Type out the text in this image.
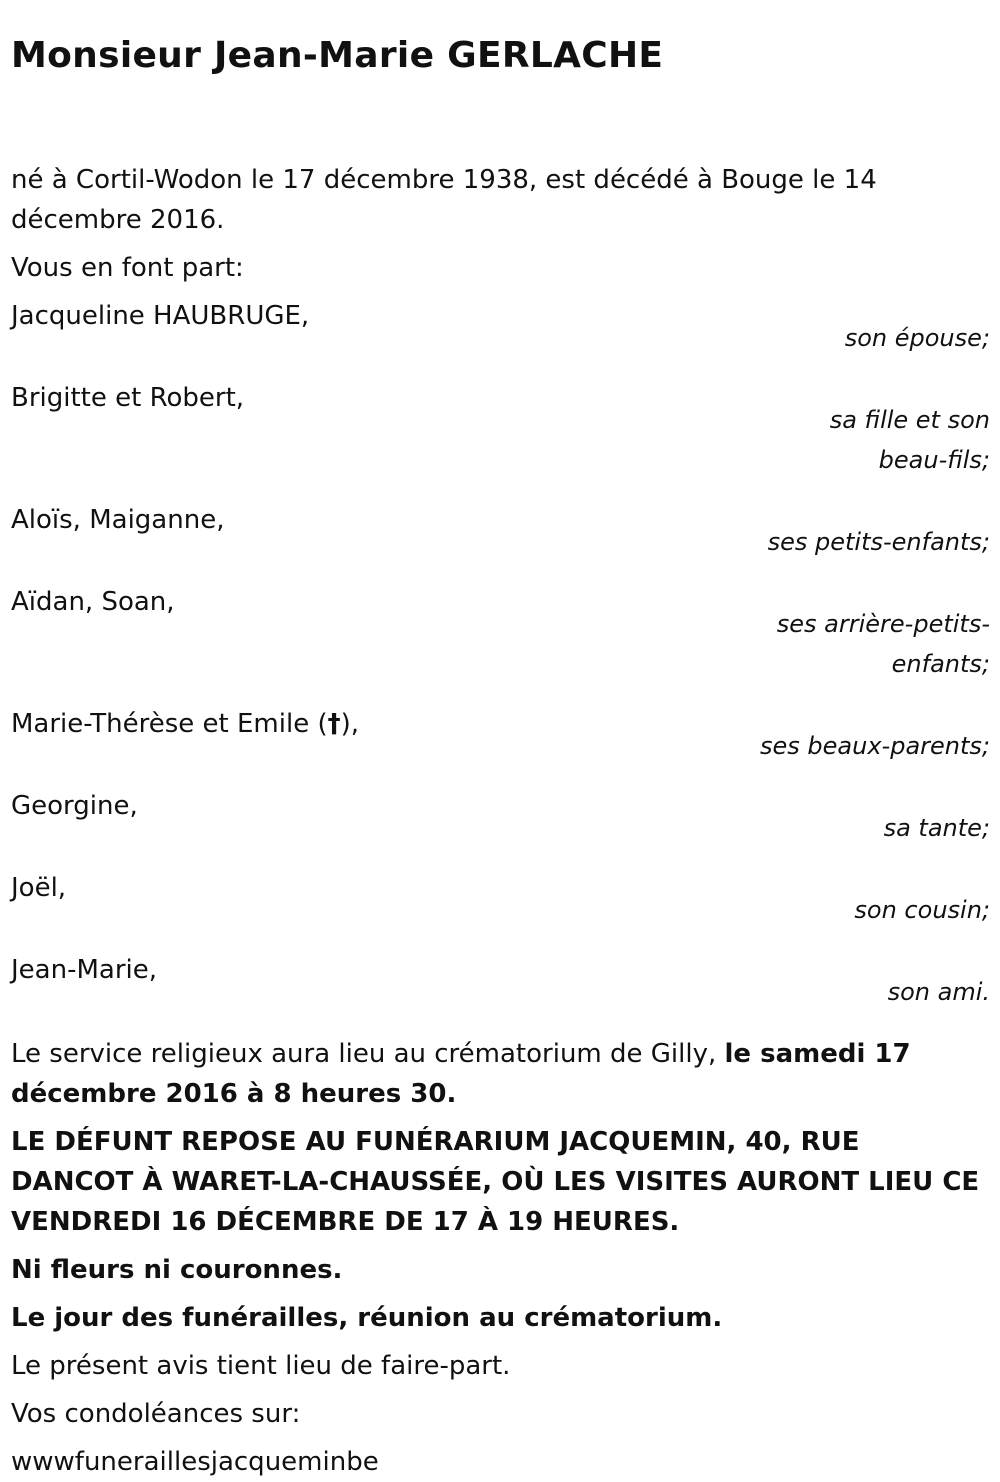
Monsieur Jean-Marie GERLACHE

né à Cortil-Wodon le 17 décembre 1938, est décédé à Bouge le 14 décembre 2016.

Vous en font part:

Jacqueline HAUBRUGE,
son épouse;
Brigitte et Robert,
sa fille et son beau-fils;
Aloïs, Maiganne,
ses petits-enfants;
Aïdan, Soan,
ses arrière-petits-enfants;
Marie-Thérèse et Emile (†),
ses beaux-parents;
Georgine,
sa tante;
Joël,
son cousin;
Jean-Marie,
son ami.

Le service religieux aura lieu au crématorium de Gilly, le samedi 17 décembre 2016 à 8 heures 30.

LE DÉFUNT REPOSE AU FUNÉRARIUM JACQUEMIN, 40, RUE DANCOT À WARET-LA-CHAUSSÉE, OÙ LES VISITES AURONT LIEU CE VENDREDI 16 DÉCEMBRE DE 17 À 19 HEURES.

Ni fleurs ni couronnes.

Le jour des funérailles, réunion au crématorium.

Le présent avis tient lieu de faire-part.

Vos condoléances sur:

wwwfuneraillesjacqueminbe
